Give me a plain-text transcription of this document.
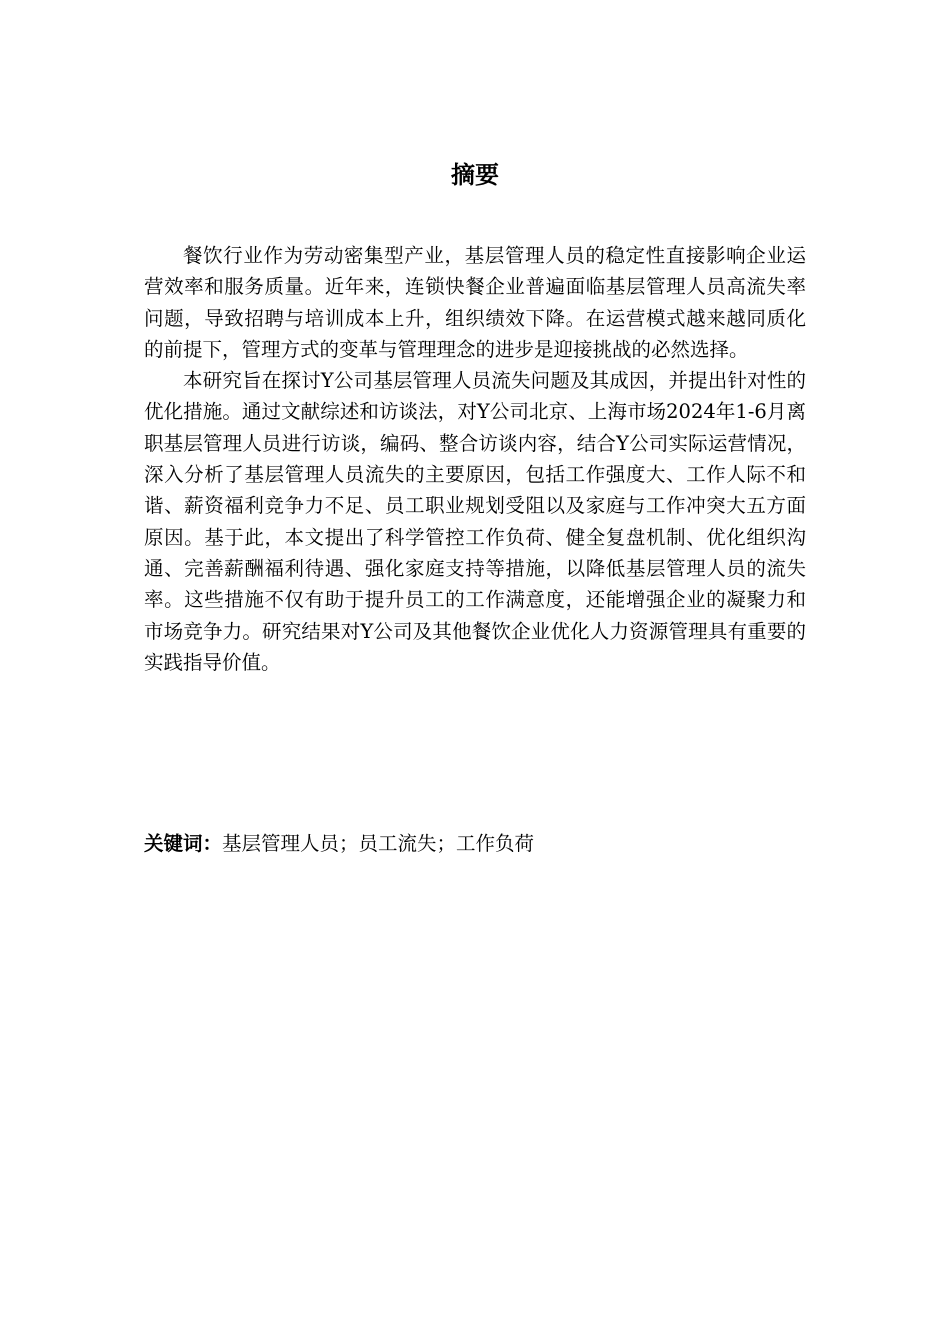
摘要

餐饮行业作为劳动密集型产业，基层管理人员的稳定性直接影响企业运营效率和服务质量。近年来，连锁快餐企业普遍面临基层管理人员高流失率问题，导致招聘与培训成本上升，组织绩效下降。在运营模式越来越同质化的前提下，管理方式的变革与管理理念的进步是迎接挑战的必然选择。

本研究旨在探讨Y公司基层管理人员流失问题及其成因，并提出针对性的优化措施。通过文献综述和访谈法，对Y公司北京、上海市场2024年1-6月离职基层管理人员进行访谈，编码、整合访谈内容，结合Y公司实际运营情况，深入分析了基层管理人员流失的主要原因，包括工作强度大、工作人际不和谐、薪资福利竞争力不足、员工职业规划受阻以及家庭与工作冲突大五方面原因。基于此，本文提出了科学管控工作负荷、健全复盘机制、优化组织沟通、完善薪酬福利待遇、强化家庭支持等措施，以降低基层管理人员的流失率。这些措施不仅有助于提升员工的工作满意度，还能增强企业的凝聚力和市场竞争力。研究结果对Y公司及其他餐饮企业优化人力资源管理具有重要的实践指导价值。

关键词：基层管理人员；员工流失；工作负荷
